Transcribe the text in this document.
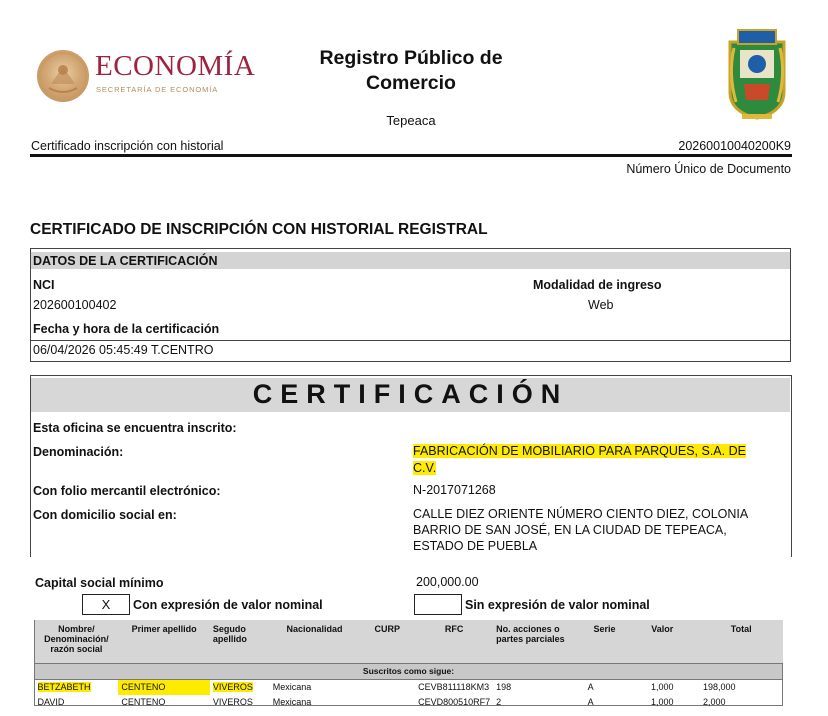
ECONOMÍA
SECRETARÍA DE ECONOMÍA
Registro Público de
Comercio
Tepeaca
Certificado inscripción con historial	20260010040200K9
Número Único de Documento
CERTIFICADO DE INSCRIPCIÓN CON HISTORIAL REGISTRAL
DATOS DE LA CERTIFICACIÓN
NCI	Modalidad de ingreso
202600100402	Web
Fecha y hora de la certificación
06/04/2026 05:45:49 T.CENTRO
CERTIFICACIÓN
Esta oficina se encuentra inscrito:
Denominación:	FABRICACIÓN DE MOBILIARIO PARA PARQUES, S.A. DE
C.V.
Con folio mercantil electrónico:	N-2017071268
Con domicilio social en:	CALLE DIEZ ORIENTE NÚMERO CIENTO DIEZ, COLONIA
BARRIO DE SAN JOSÉ, EN LA CIUDAD DE TEPEACA,
ESTADO DE PUEBLA
Capital social mínimo	200,000.00
X	Con expresión de valor nominal	Sin expresión de valor nominal
Suscritos como sigue:									
Nombre/ Denominación/ razón social	Primer apellido	Segudo apellido	Nacionalidad	CURP	RFC	No. acciones o partes parciales	Serie	Valor	Total
BETZABETH	CENTENO	VIVEROS	Mexicana		CEVB811118KM3	198	A	1,000	198,000
DAVID	CENTENO	VIVEROS	Mexicana		CEVD800510RF7	2	A	1,000	2,000
